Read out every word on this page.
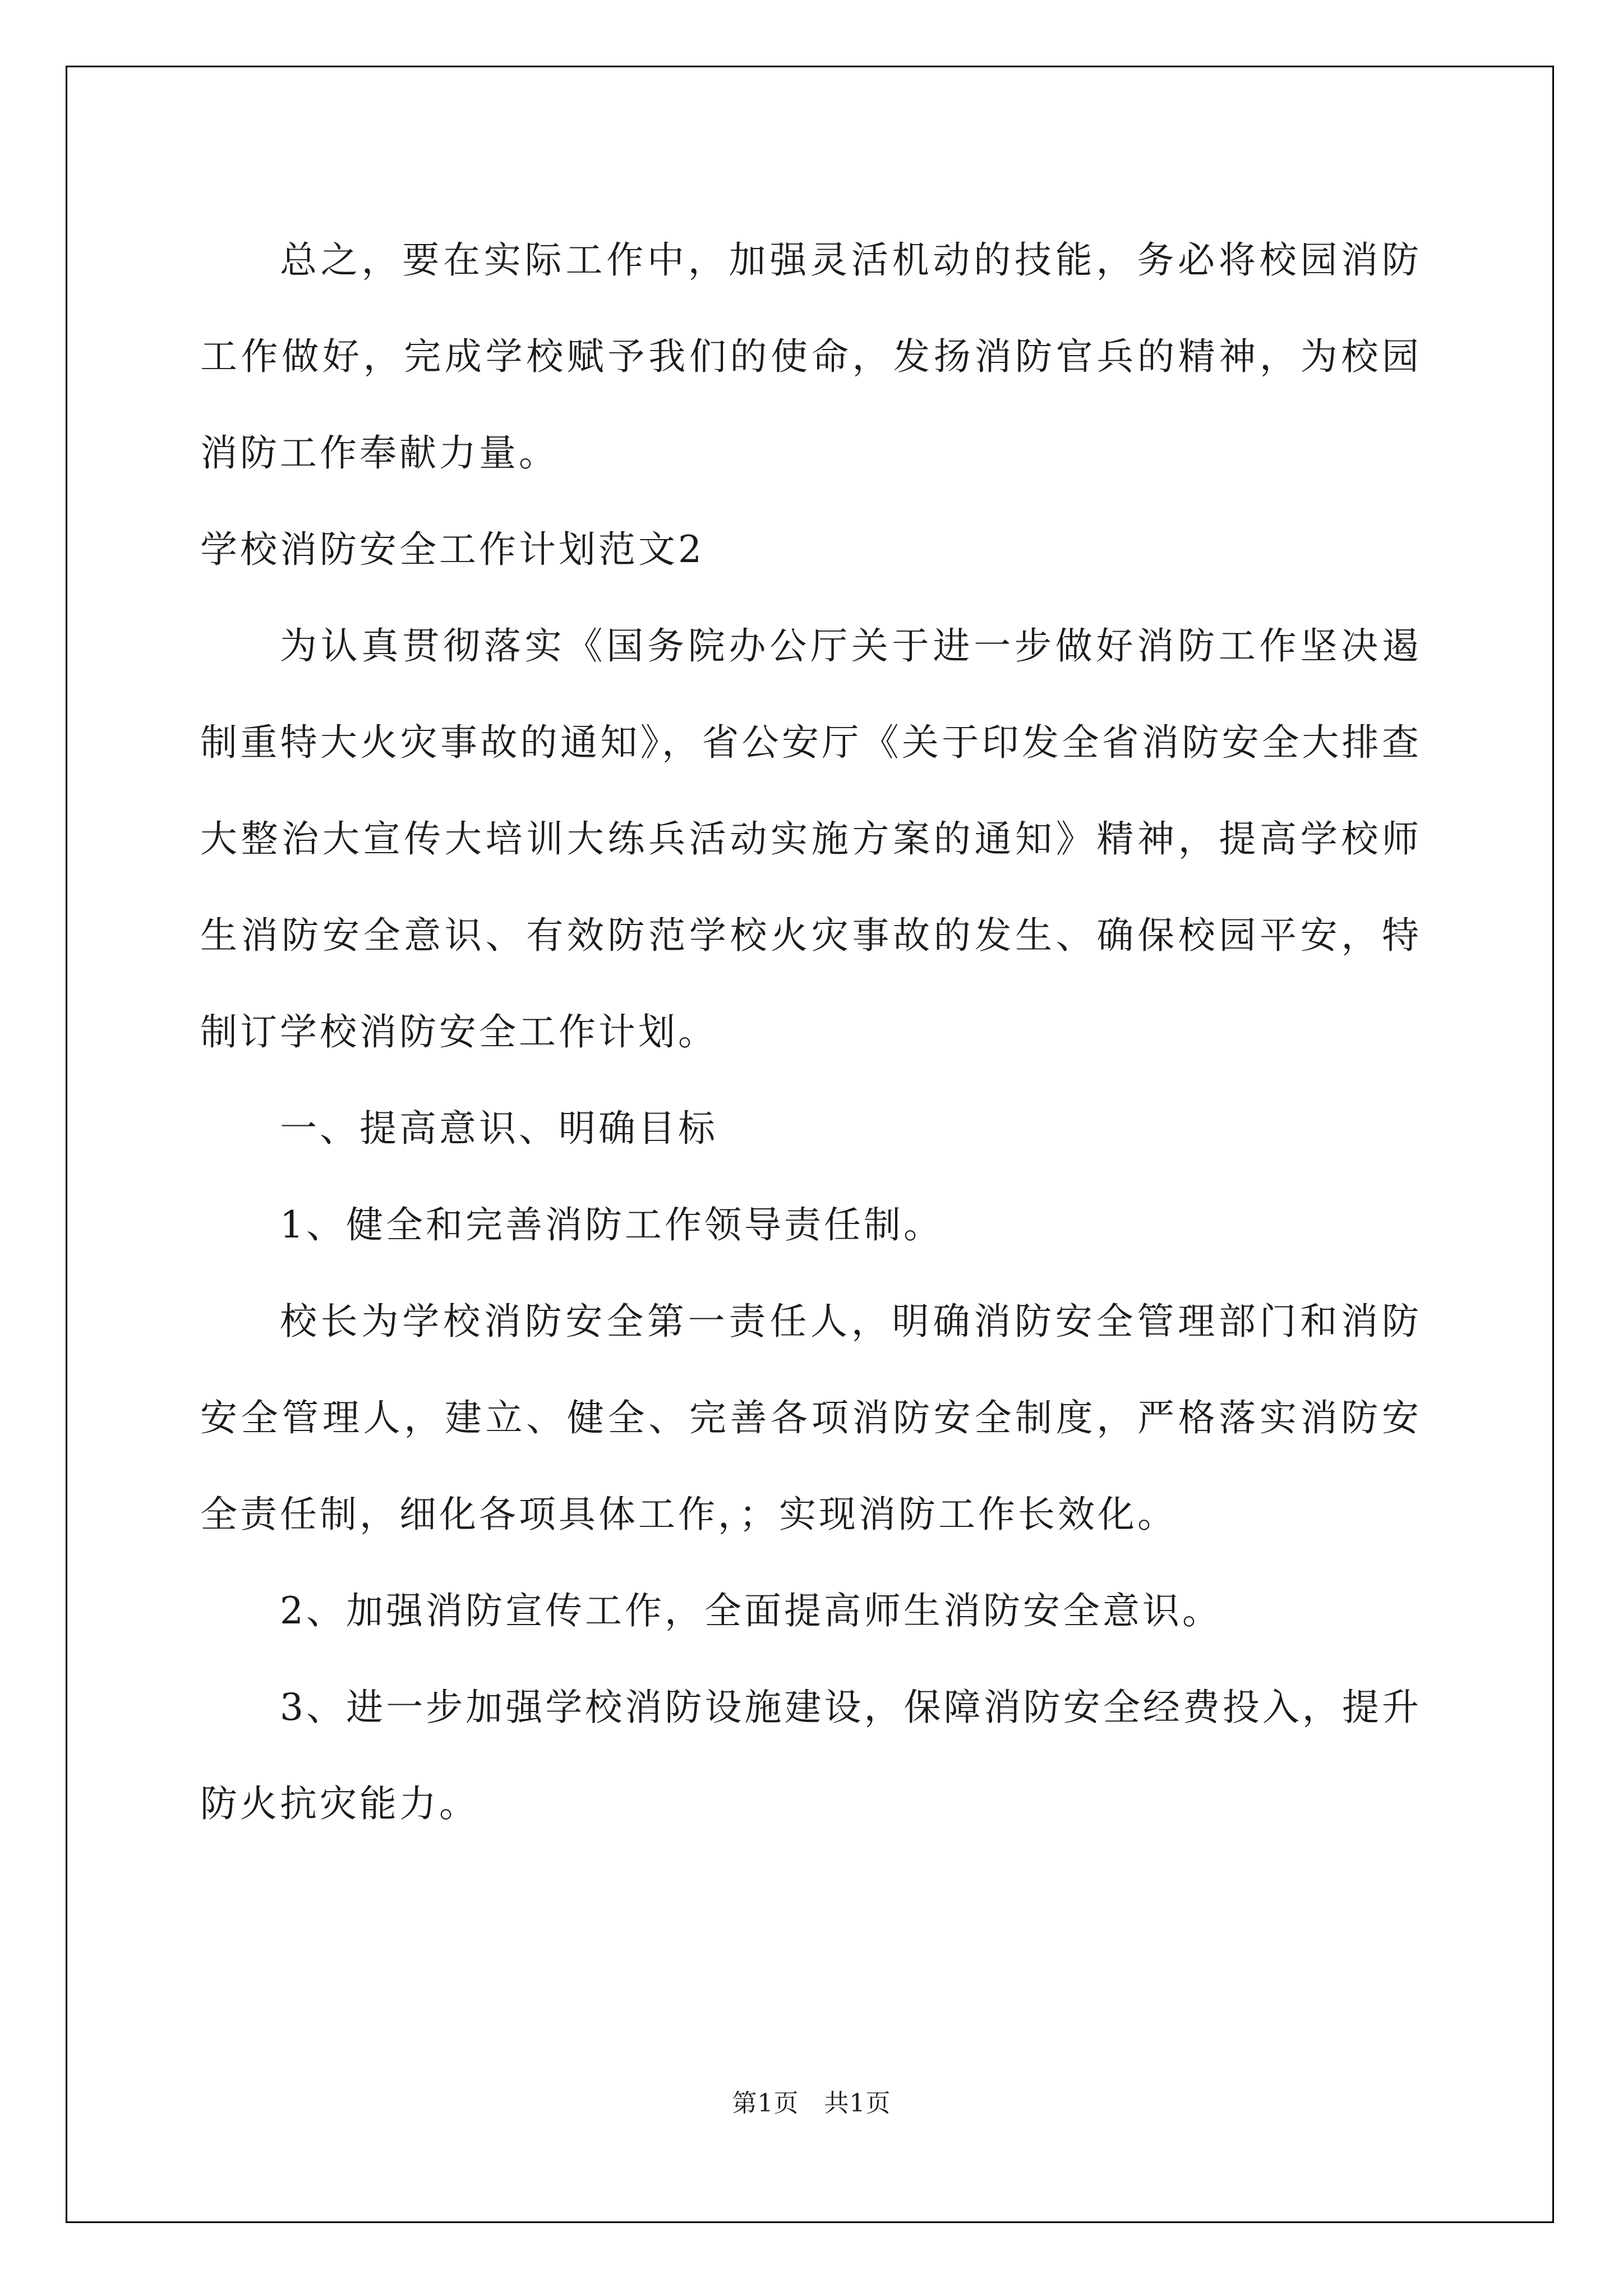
总之，要在实际工作中，加强灵活机动的技能，务必将校园消防工作做好，完成学校赋予我们的使命，发扬消防官兵的精神，为校园消防工作奉献力量。

学校消防安全工作计划范文2

为认真贯彻落实《国务院办公厅关于进一步做好消防工作坚决遏制重特大火灾事故的通知》，省公安厅《关于印发全省消防安全大排查大整治大宣传大培训大练兵活动实施方案的通知》精神，提高学校师生消防安全意识、有效防范学校火灾事故的发生、确保校园平安，特制订学校消防安全工作计划。

一、提高意识、明确目标

1、健全和完善消防工作领导责任制。

校长为学校消防安全第一责任人，明确消防安全管理部门和消防安全管理人，建立、健全、完善各项消防安全制度，严格落实消防安全责任制，细化各项具体工作，；实现消防工作长效化。

2、加强消防宣传工作，全面提高师生消防安全意识。

3、进一步加强学校消防设施建设，保障消防安全经费投入，提升防火抗灾能力。

第1页　共1页
